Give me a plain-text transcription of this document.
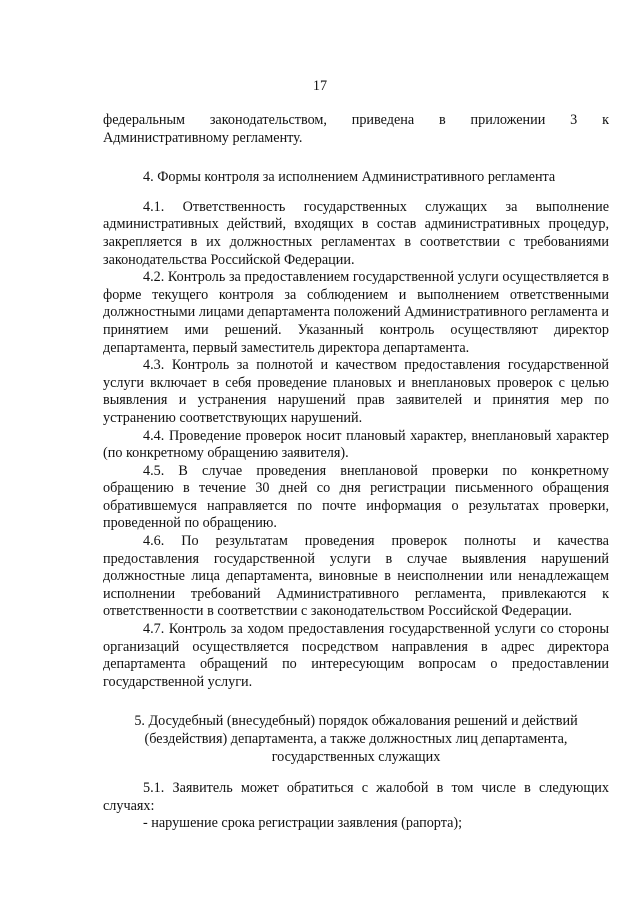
17

федеральным законодательством, приведена в приложении 3 к Административному регламенту.

4. Формы контроля за исполнением Административного регламента

4.1. Ответственность государственных служащих за выполнение административных действий, входящих в состав административных процедур, закрепляется в их должностных регламентах в соответствии с требованиями законодательства Российской Федерации.

4.2. Контроль за предоставлением государственной услуги осуществляется в форме текущего контроля за соблюдением и выполнением ответственными должностными лицами департамента положений Административного регламента и принятием ими решений. Указанный контроль осуществляют директор департамента, первый заместитель директора департамента.

4.3. Контроль за полнотой и качеством предоставления государственной услуги включает в себя проведение плановых и внеплановых проверок с целью выявления и устранения нарушений прав заявителей и принятия мер по устранению соответствующих нарушений.

4.4. Проведение проверок носит плановый характер, внеплановый характер (по конкретному обращению заявителя).

4.5. В случае проведения внеплановой проверки по конкретному обращению в течение 30 дней со дня регистрации письменного обращения обратившемуся направляется по почте информация о результатах проверки, проведенной по обращению.

4.6. По результатам проведения проверок полноты и качества предоставления государственной услуги в случае выявления нарушений должностные лица департамента, виновные в неисполнении или ненадлежащем исполнении требований Административного регламента, привлекаются к ответственности в соответствии с законодательством Российской Федерации.

4.7. Контроль за ходом предоставления государственной услуги со стороны организаций осуществляется посредством направления в адрес директора департамента обращений по интересующим вопросам о предоставлении государственной услуги.

5. Досудебный (внесудебный) порядок обжалования решений и действий
(бездействия) департамента, а также должностных лиц департамента,
государственных служащих

5.1. Заявитель может обратиться с жалобой в том числе в следующих случаях:

- нарушение срока регистрации заявления (рапорта);
